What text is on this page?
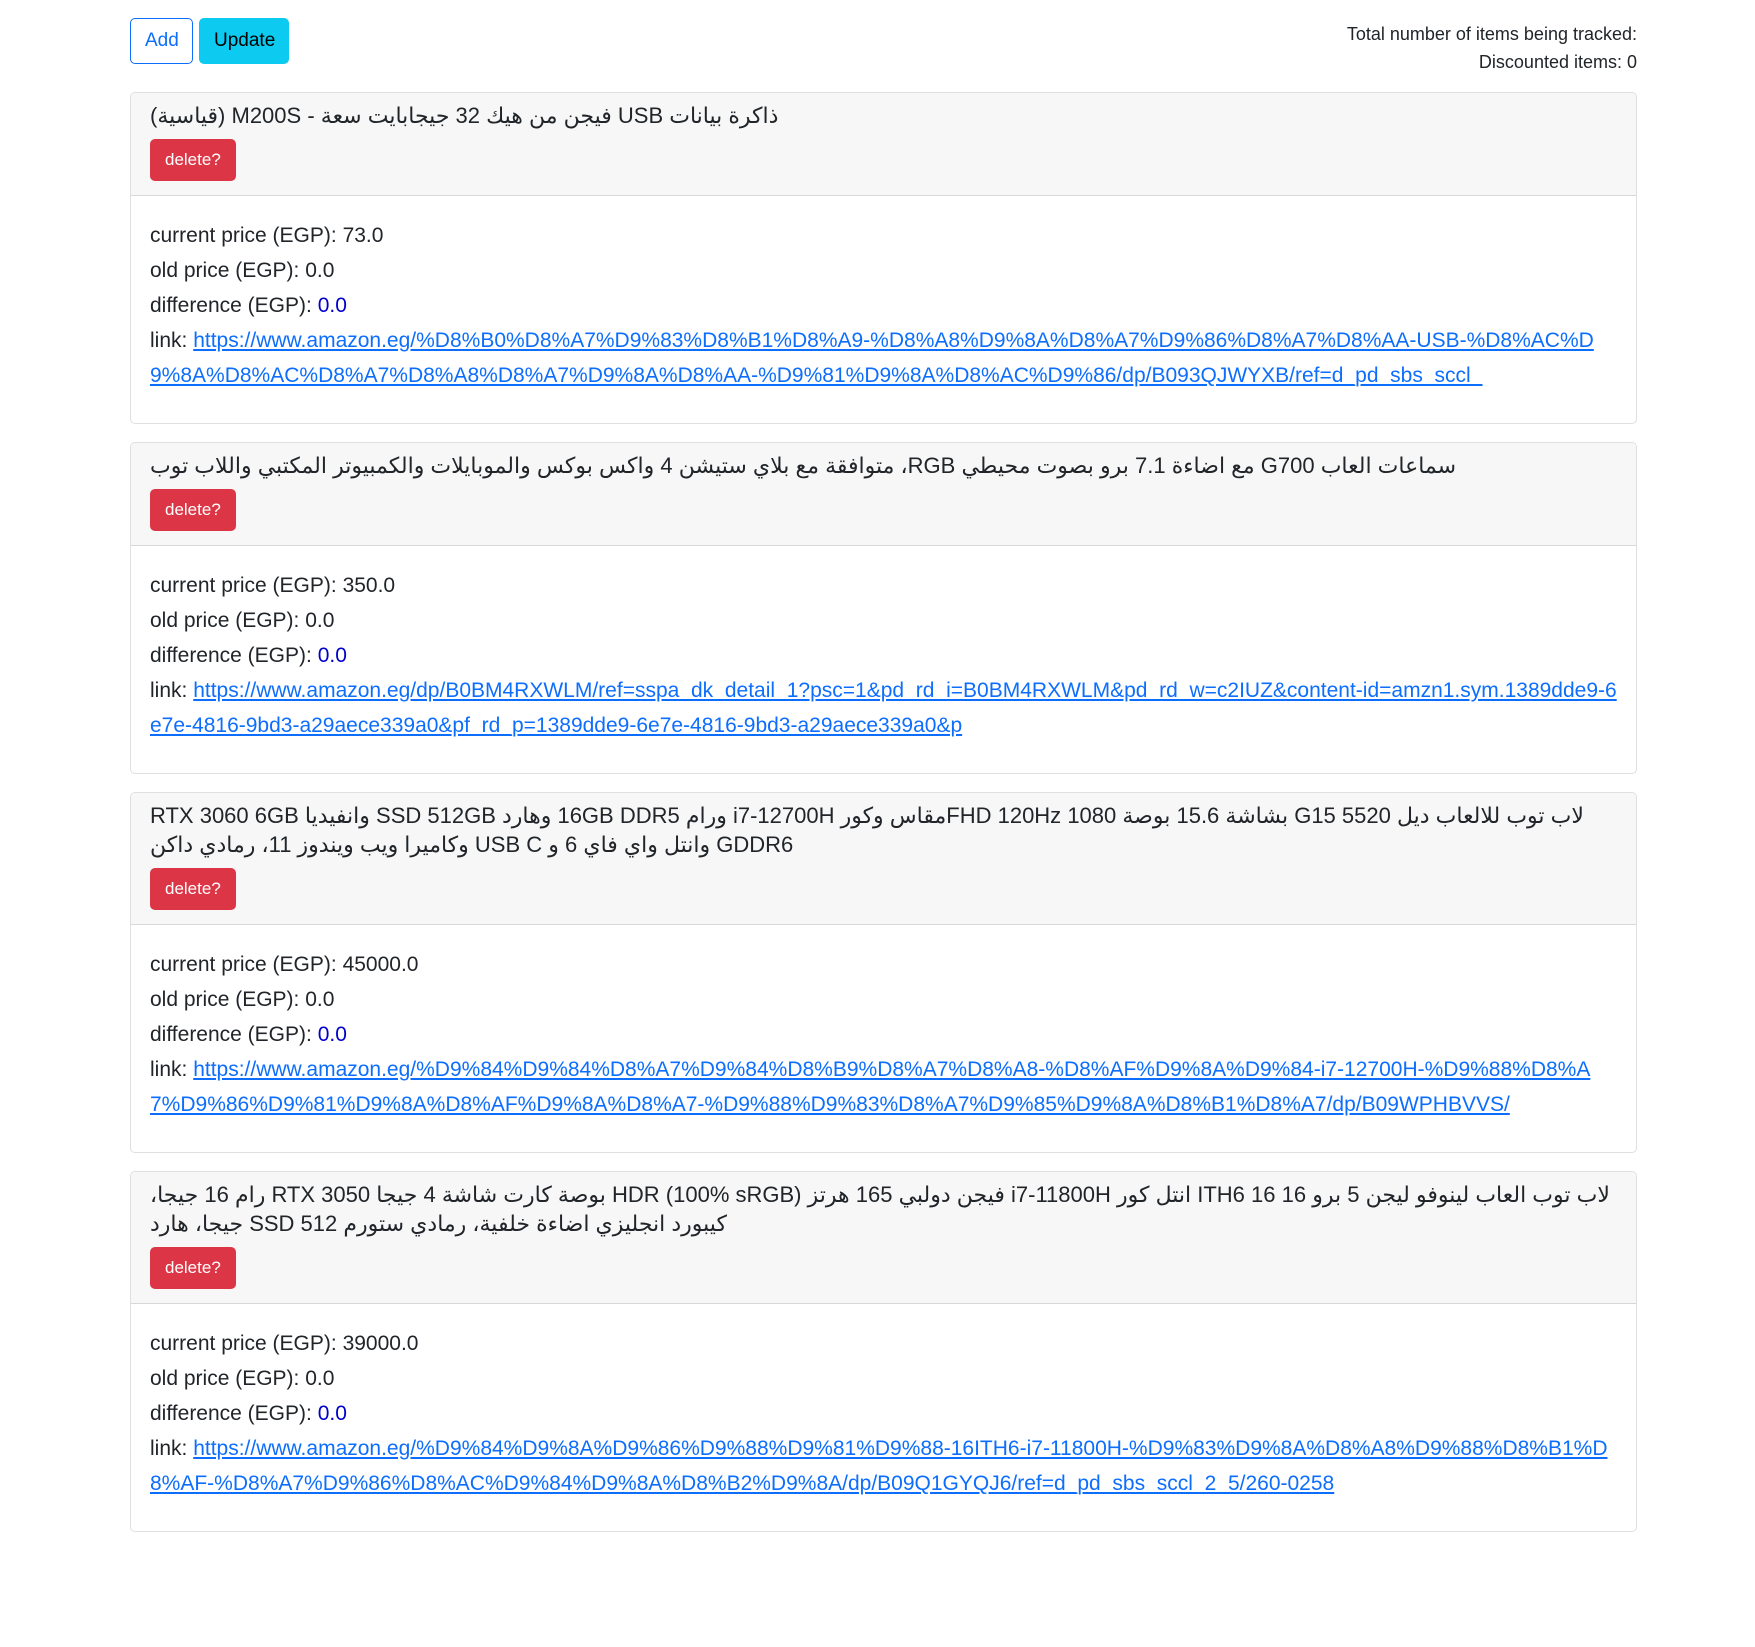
Add	Update	Total number of items being tracked:
Discounted items: 0
ذاكرة بيانات USB فيجن من هيك 32 جيجابايت سعة - M200S (قياسية)
delete?
current price (EGP): 73.0
old price (EGP): 0.0
difference (EGP): 0.0
link: https://www.amazon.eg/%D8%B0%D8%A7%D9%83%D8%B1%D8%A9-%D8%A8%D9%8A%D8%A7%D9%86%D8%A7%D8%AA-USB-%D8%AC%D9%8A%D8%AC%D8%A7%D8%A8%D8%A7%D9%8A%D8%AA-%D9%81%D9%8A%D8%AC%D9%86/dp/B093QJWYXB/ref=d_pd_sbs_sccl_
سماعات العاب G700 مع اضاءة 7.1 برو بصوت محيطي RGB، متوافقة مع بلاي ستيشن 4 واكس بوكس والموبايلات والكمبيوتر المكتبي واللاب توب
delete?
current price (EGP): 350.0
old price (EGP): 0.0
difference (EGP): 0.0
link: https://www.amazon.eg/dp/B0BM4RXWLM/ref=sspa_dk_detail_1?psc=1&pd_rd_i=B0BM4RXWLM&pd_rd_w=c2IUZ&content-id=amzn1.sym.1389dde9-6e7e-4816-9bd3-a29aece339a0&pf_rd_p=1389dde9-6e7e-4816-9bd3-a29aece339a0&p
لاب توب للالعاب ديل G15 5520 بشاشة 15.6 بوصة 1080 FHD 120Hzمقاس وكور i7-12700H ورام 16GB DDR5 وهارد SSD 512GB وانفيديا RTX 3060 6GB GDDR6 وانتل واي فاي 6 و USB C وكاميرا ويب ويندوز 11، رمادي داكن
delete?
current price (EGP): 45000.0
old price (EGP): 0.0
difference (EGP): 0.0
link: https://www.amazon.eg/%D9%84%D9%84%D8%A7%D9%84%D8%B9%D8%A7%D8%A8-%D8%AF%D9%8A%D9%84-i7-12700H-%D9%88%D8%A7%D9%86%D9%81%D9%8A%D8%AF%D9%8A%D8%A7-%D9%88%D9%83%D8%A7%D9%85%D9%8A%D8%B1%D8%A7/dp/B09WPHBVVS/
لاب توب العاب لينوفو ليجن 5 برو 16 ITH6 16 انتل كور i7-11800H فيجن دولبي 165 هرتز HDR (100% sRGB) بوصة كارت شاشة 4 جيجا RTX 3050 رام 16 جيجا، كيبورد انجليزي اضاءة خلفية، رمادي ستورم SSD 512 جيجا، هارد
delete?
current price (EGP): 39000.0
old price (EGP): 0.0
difference (EGP): 0.0
link: https://www.amazon.eg/%D9%84%D9%8A%D9%86%D9%88%D9%81%D9%88-16ITH6-i7-11800H-%D9%83%D9%8A%D8%A8%D9%88%D8%B1%D8%AF-%D8%A7%D9%86%D8%AC%D9%84%D9%8A%D8%B2%D9%8A/dp/B09Q1GYQJ6/ref=d_pd_sbs_sccl_2_5/260-0258
